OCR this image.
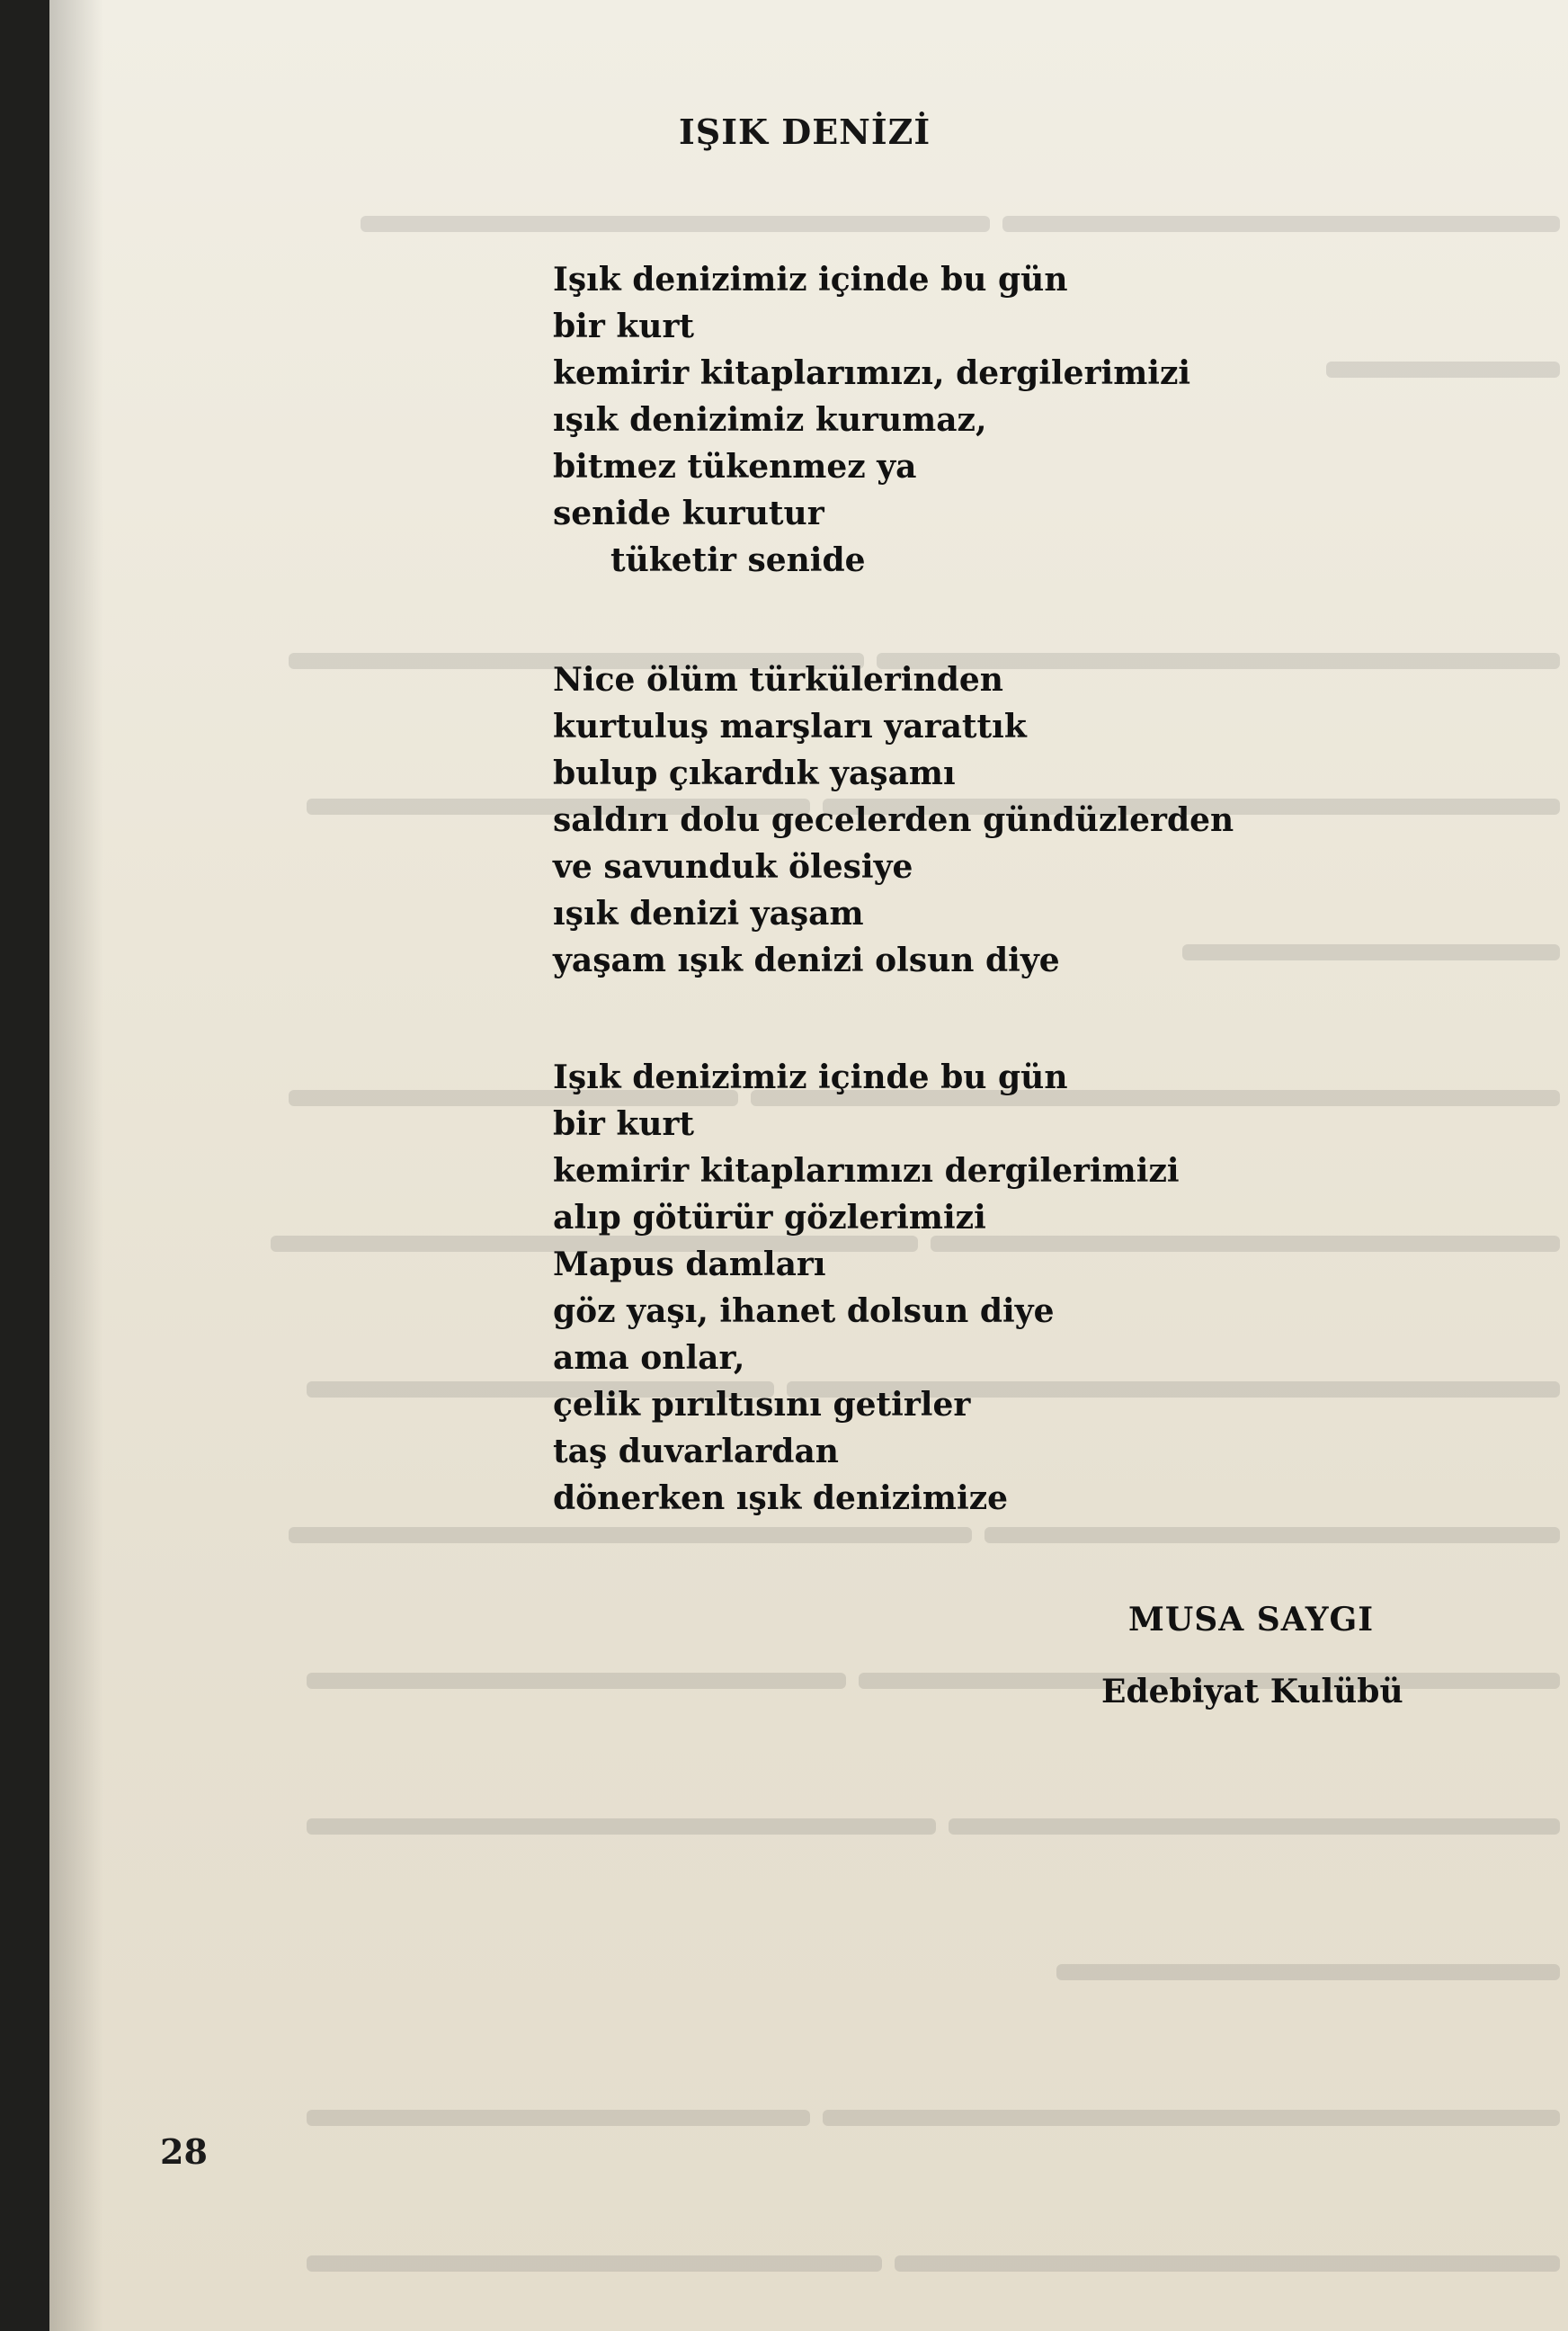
IŞIK DENİZİ
Işık denizimiz içinde bu gün
bir kurt
kemirir kitaplarımızı, dergilerimizi
ışık denizimiz kurumaz,
bitmez tükenmez ya
senide kurutur
tüketir senide
Nice ölüm türkülerinden
kurtuluş marşları yarattık
bulup çıkardık yaşamı
saldırı dolu gecelerden gündüzlerden
ve savunduk ölesiye
ışık denizi yaşam
yaşam ışık denizi olsun diye
Işık denizimiz içinde bu gün
bir kurt
kemirir kitaplarımızı dergilerimizi
alıp götürür gözlerimizi
Mapus damları
göz yaşı, ihanet dolsun diye
ama onlar,
çelik pırıltısını getirler
taş duvarlardan
dönerken ışık denizimize
MUSA SAYGI
Edebiyat Kulübü
28
